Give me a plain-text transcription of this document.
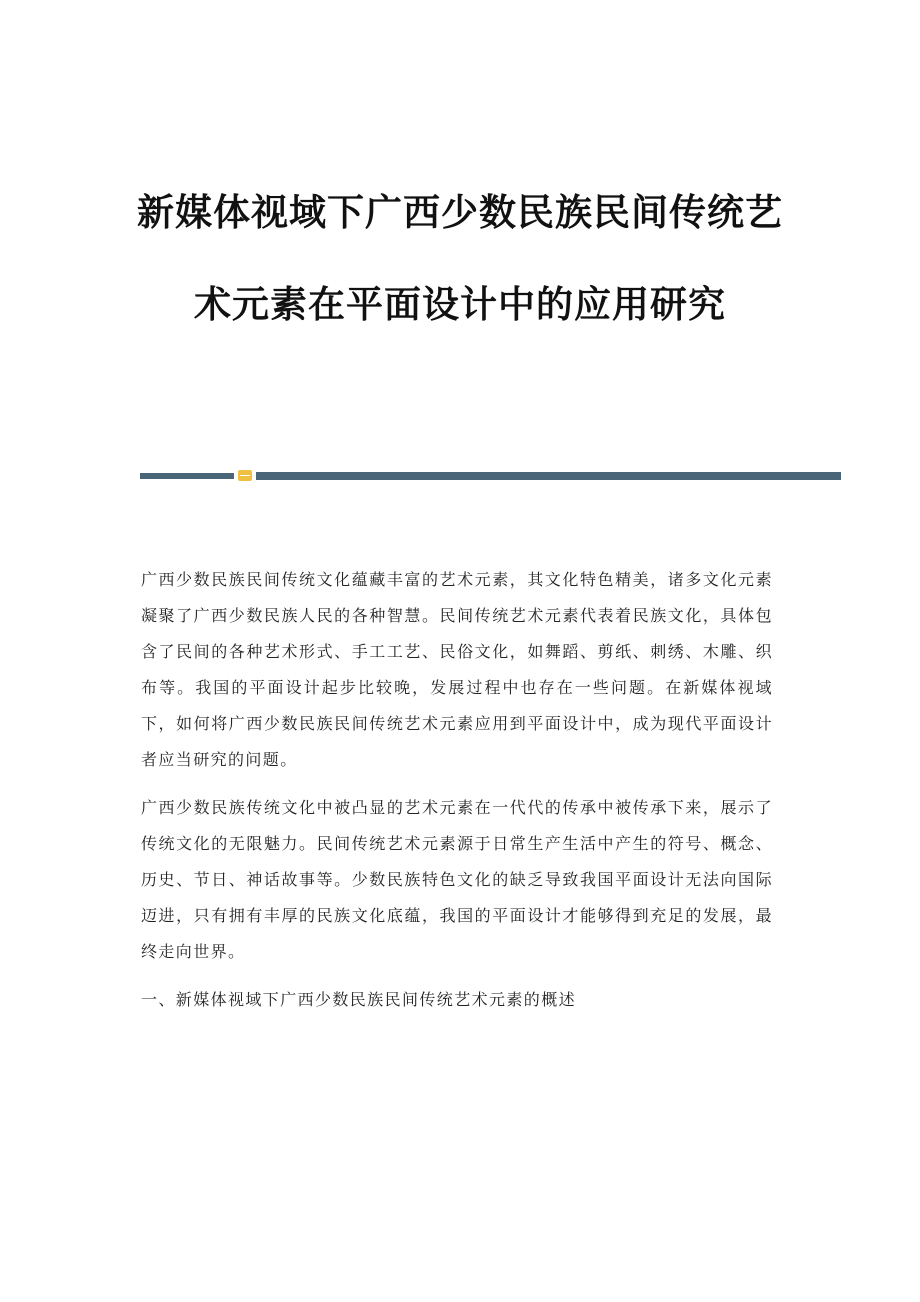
新媒体视域下广西少数民族民间传统艺
术元素在平面设计中的应用研究

广西少数民族民间传统文化蕴藏丰富的艺术元素，其文化特色精美，诸多文化元素凝聚了广西少数民族人民的各种智慧。民间传统艺术元素代表着民族文化，具体包含了民间的各种艺术形式、手工工艺、民俗文化，如舞蹈、剪纸、刺绣、木雕、织布等。我国的平面设计起步比较晚，发展过程中也存在一些问题。在新媒体视域下，如何将广西少数民族民间传统艺术元素应用到平面设计中，成为现代平面设计者应当研究的问题。

广西少数民族传统文化中被凸显的艺术元素在一代代的传承中被传承下来，展示了传统文化的无限魅力。民间传统艺术元素源于日常生产生活中产生的符号、概念、历史、节日、神话故事等。少数民族特色文化的缺乏导致我国平面设计无法向国际迈进，只有拥有丰厚的民族文化底蕴，我国的平面设计才能够得到充足的发展，最终走向世界。

一、新媒体视域下广西少数民族民间传统艺术元素的概述
